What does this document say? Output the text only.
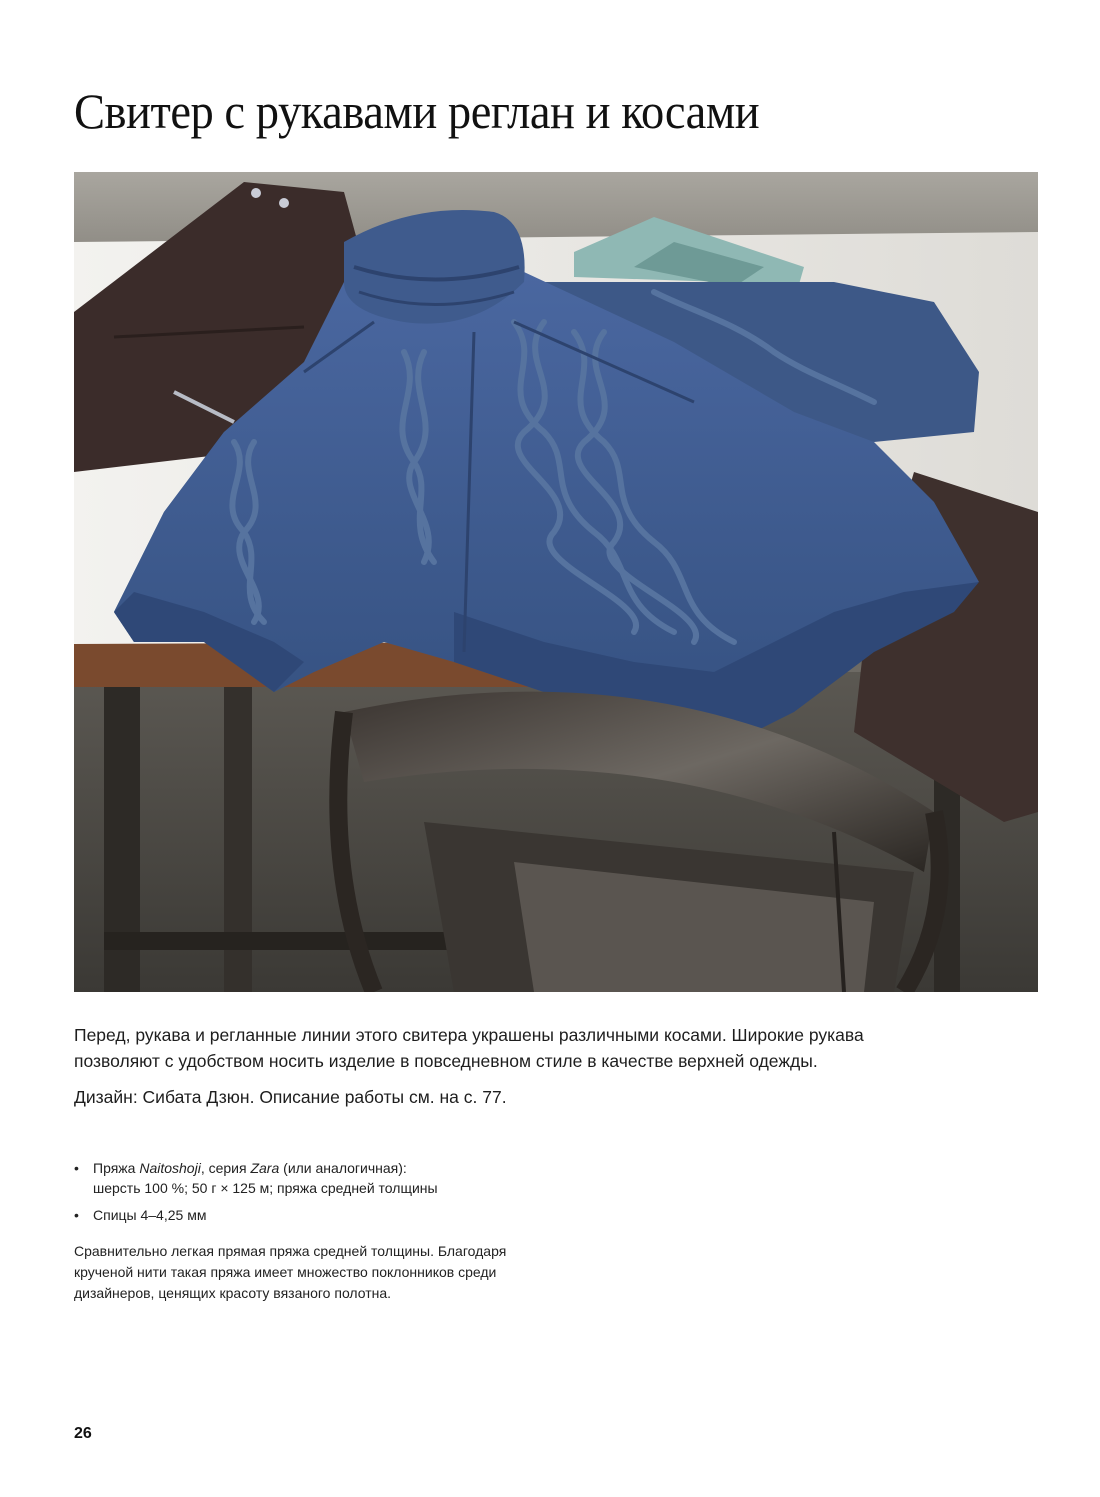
Свитер с рукавами реглан и косами

Перед, рукава и регланные линии этого свитера украшены различными косами. Широкие рукава
позволяют с удобством носить изделие в повседневном стиле в качестве верхней одежды.

Дизайн: Сибата Дзюн. Описание работы см. на с. 77.

• Пряжа Naitoshoji, серия Zara (или аналогичная):
шерсть 100 %; 50 г × 125 м; пряжа средней толщины
• Спицы 4–4,25 мм

Сравнительно легкая прямая пряжа средней толщины. Благодаря
крученой нити такая пряжа имеет множество поклонников среди
дизайнеров, ценящих красоту вязаного полотна.

26
